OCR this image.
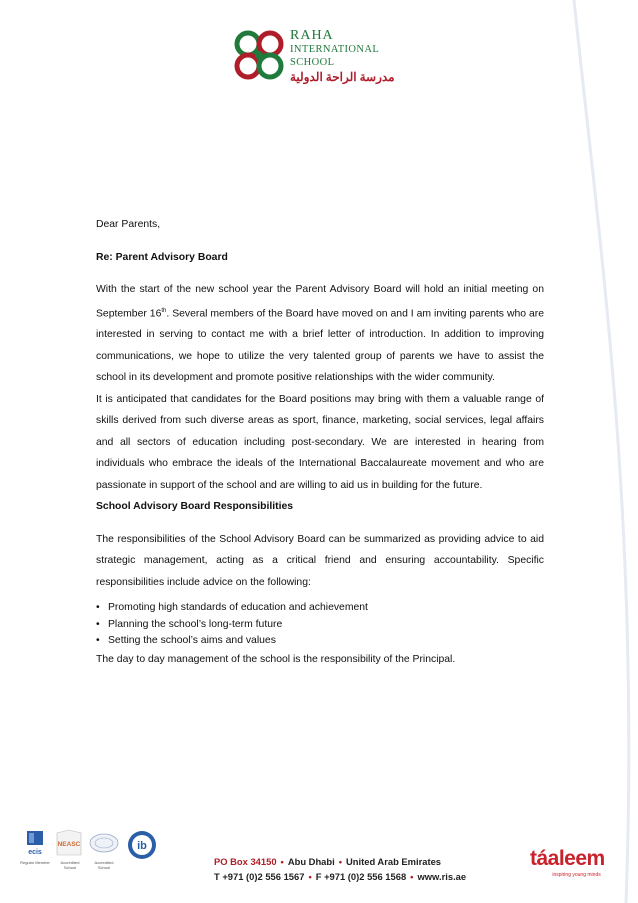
RAHA
INTERNATIONAL
SCHOOL
مدرسة الراحة الدولية

Dear Parents,

Re: Parent Advisory Board

With the start of the new school year the Parent Advisory Board will hold an initial meeting on September 16th. Several members of the Board have moved on and I am inviting parents who are interested in serving to contact me with a brief letter of introduction. In addition to improving communications, we hope to utilize the very talented group of parents we have to assist the school in its development and promote positive relationships with the wider community.

It is anticipated that candidates for the Board positions may bring with them a valuable range of skills derived from such diverse areas as sport, finance, marketing, social services, legal affairs and all sectors of education including post-secondary. We are interested in hearing from individuals who embrace the ideals of the International Baccalaureate movement and who are passionate in support of the school and are willing to aid us in building for the future.

School Advisory Board Responsibilities

The responsibilities of the School Advisory Board can be summarized as providing advice to aid strategic management, acting as a critical friend and ensuring accountability. Specific responsibilities include advice on the following:

• Promoting high standards of education and achievement
• Planning the school’s long-term future
• Setting the school’s aims and values

The day to day management of the school is the responsibility of the Principal.

ecis
Regular Member
NEASC
Accredited School
Accredited School
ib
PO Box 34150 • Abu Dhabi • United Arab Emirates
T +971 (0)2 556 1567 • F +971 (0)2 556 1568 • www.ris.ae
táaleem
inspiring young minds
